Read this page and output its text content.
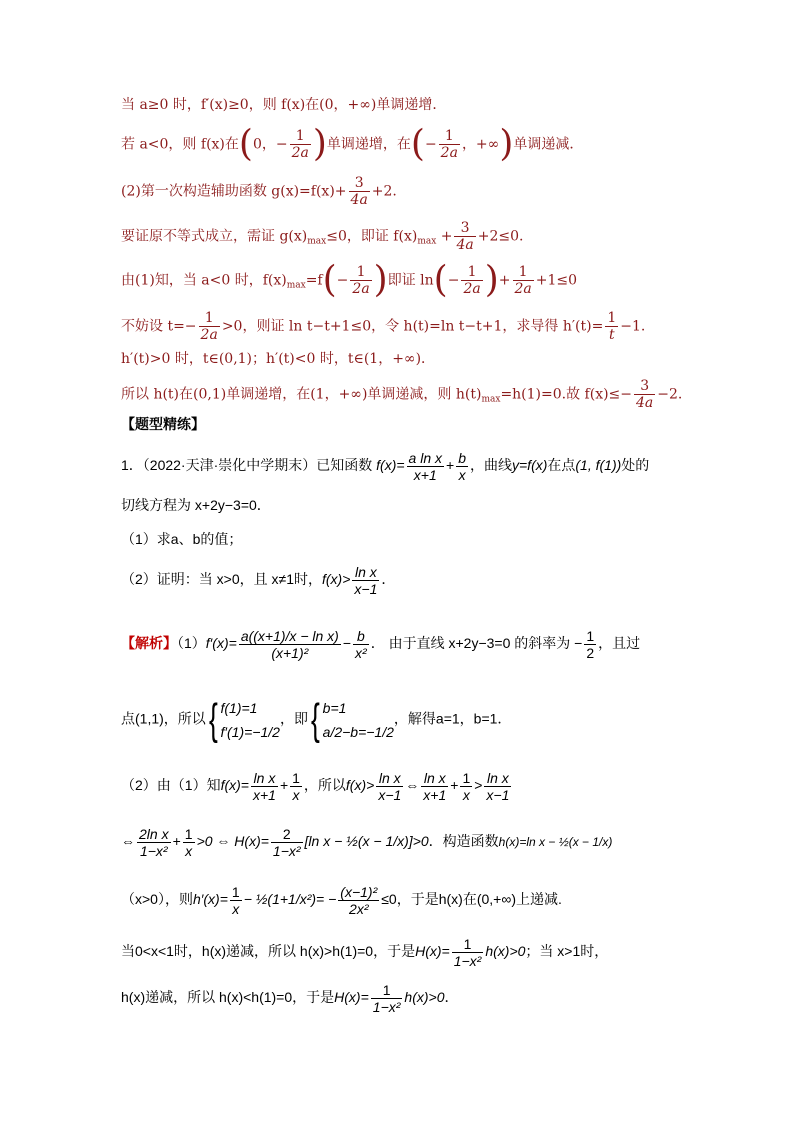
当 a≥0 时，f′(x)≥0，则 f(x)在(0，+∞)单调递增．
若 a<0，则 f(x)在(0，− $\frac{1}{2a}$ )单调递增，在(− $\frac{1}{2a}$ ，+∞)单调递减．
(2)第一次构造辅助函数 $g(x)=f(x)+ \frac{3}{4a} +2$.
要证原不等式成立，需证 $g(x)_{max}\le 0$，即证 $f(x)_{max} + \frac{3}{4a} +2\le 0$.
由(1)知，当 a<0 时，$f(x)_{max}=f(- \frac{1}{2a}$ )即证 $\ln(- \frac{1}{2a}$ )+ $\frac{1}{2a} +1\le 0$
不妨设 $t=- \frac{1}{2a} >0$，则证 ln t−t+1≤0，令 h(t)=ln t−t+1，求导得 $h'(t)= \frac{1}{t} -1$.
h′(t)>0 时，t∈(0,1)；h′(t)<0 时，t∈(1，+∞)．
所以 h(t)在(0,1)单调递增，在(1，+∞)单调递减，则 $h(t)_{max}=h(1)=0$.故 $f(x)\le- \frac{3}{4a} -2$.
【题型精练】
1．（2022·天津·崇化中学期末）已知函数 $f(x)= \frac{\text{a ln x}}{x+1} + \frac{b}{x}$ ，曲线y=f(x)在点(1, f(1))处的
切线方程为 x+2y−3=0．
（1）求a、b的值；
（2）证明：当 x>0，且 x≠1时，$f(x)> \frac{\text{ln x}}{x-1}$ ．
【解析】$(1)f'(x)= \frac{\text{a((x+1)/x − ln x)}}{\text{(x+1)²}} - \frac{b}{\text{x²}}$ ． 由于直线 x+2y−3=0 的斜率为 − $\frac{1}{2}$ ，且过
点(1,1)，所以{ f(1)=1
f′(1)=−1/2
，即{ b=1
a/2−b=−1/2
，解得a=1，b=1．
（2）由（1）知$f(x)= \frac{\text{ln x}}{x+1} + \frac{1}{x}$ ，所以$f(x)> \frac{\text{ln x}}{x-1}$ ⇔ $\frac{\text{ln x}}{x+1} + \frac{1}{x} > \frac{\text{ln x}}{x-1}$
⇔ $\frac{\text{2ln x}}{\text{1−x²}} + \frac{1}{x} >0$ ⇔ $H(x)= \frac{2}{\text{1−x²}} [\ln$ x − ½(x − 1/x)]>0．构造函数h(x)=ln x − ½(x − 1/x)
（x>0），则$h'(x)= \frac{1}{x}$ − ½(1+1/x²)= − $\frac{\text{(x−1)²}}{\text{2x²}} \le 0$，于是h(x)在(0,+∞)上递减.
当0<x<1时，h(x)递减，所以 h(x)>h(1)=0，于是$H(x)= \frac{1}{\text{1−x²}} h(x)>0$；当 x>1时，
h(x)递减，所以 h(x)<h(1)=0，于是$H(x)= \frac{1}{\text{1−x²}} h(x)>0$．
